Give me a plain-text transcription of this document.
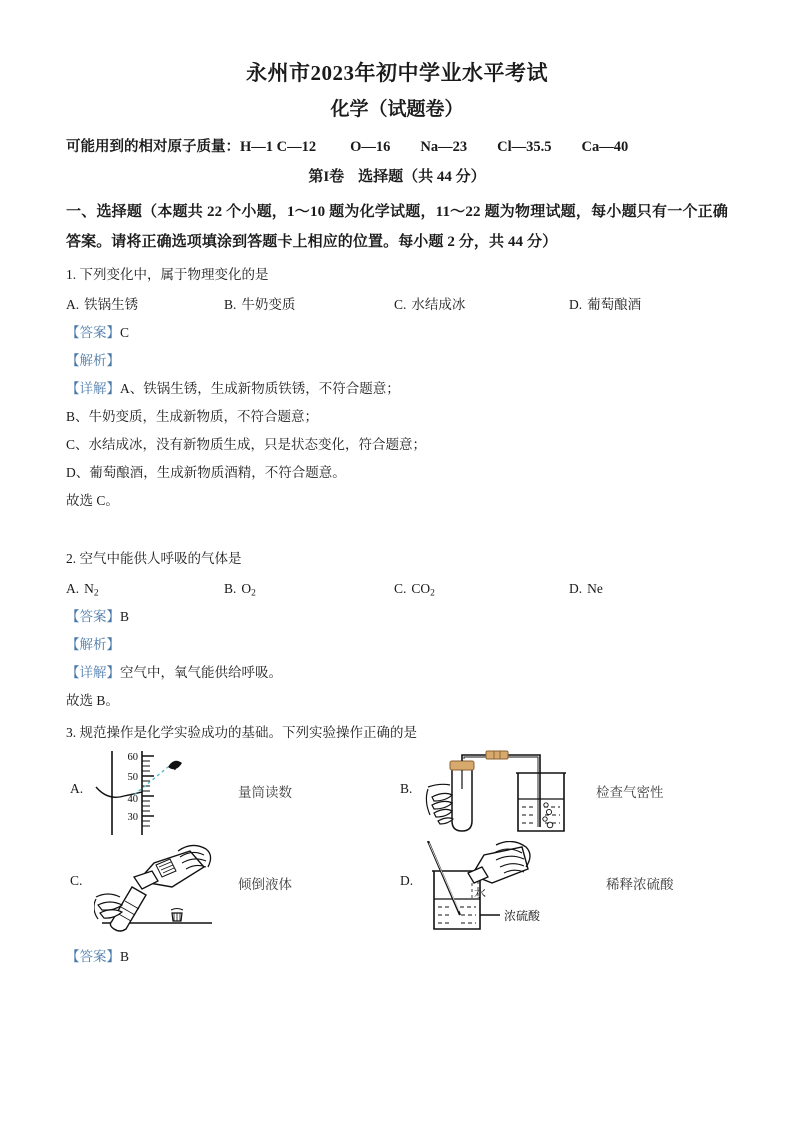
永州市2023年初中学业水平考试
化学（试题卷）
可能用到的相对原子质量：H—1 C—12 O—16 Na—23 Cl—35.5 Ca—40
第I卷 选择题（共 44 分）
一、选择题（本题共 22 个小题，1～10 题为化学试题，11～22 题为物理试题，每小题只有一个正确答案。请将正确选项填涂到答题卡上相应的位置。每小题 2 分，共 44 分）
1. 下列变化中，属于物理变化的是
A. 铁锅生锈	B. 牛奶变质	C. 水结成冰	D. 葡萄酿酒
【答案】C
【解析】
【详解】A、铁锅生锈，生成新物质铁锈，不符合题意；
B、牛奶变质，生成新物质，不符合题意；
C、水结成冰，没有新物质生成，只是状态变化，符合题意；
D、葡萄酿酒，生成新物质酒精，不符合题意。
故选 C。
2. 空气中能供人呼吸的气体是
A. $N_2$	B. $O_2$	C. $CO_2$	D. Ne
【答案】B
【解析】
【详解】空气中，氧气能供给呼吸。
故选 B。
3. 规范操作是化学实验成功的基础。下列实验操作正确的是
A.
60
50
40
30
量筒读数	B.	检查气密性
C.	倾倒液体	D.
浓硫酸
水
稀释浓硫酸
【答案】B
